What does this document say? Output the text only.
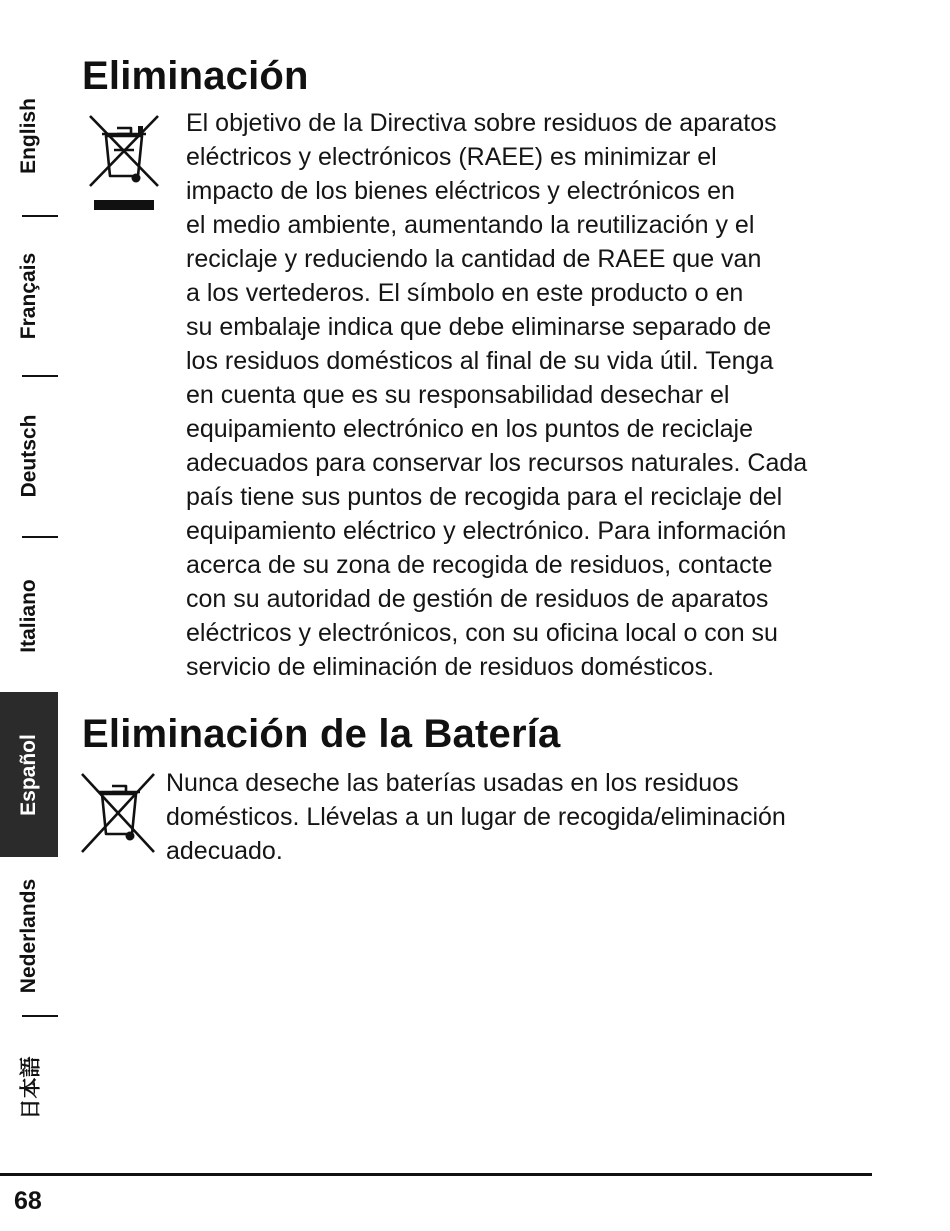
English
Français
Deutsch
Italiano
Español
Nederlands
日本語
Eliminación
El objetivo de la Directiva sobre residuos de aparatos
eléctricos y electrónicos (RAEE) es minimizar el
impacto de los bienes eléctricos y electrónicos en
el medio ambiente, aumentando la reutilización y el
reciclaje y reduciendo la cantidad de RAEE que van
a los vertederos. El símbolo en este producto o en
su embalaje indica que debe eliminarse separado de
los residuos domésticos al final de su vida útil. Tenga
en cuenta que es su responsabilidad desechar el
equipamiento electrónico en los puntos de reciclaje
adecuados para conservar los recursos naturales. Cada
país tiene sus puntos de recogida para el reciclaje del
equipamiento eléctrico y electrónico. Para información
acerca de su zona de recogida de residuos, contacte
con su autoridad de gestión de residuos de aparatos
eléctricos y electrónicos, con su oficina local o con su
servicio de eliminación de residuos domésticos.
Eliminación de la Batería
Nunca deseche las baterías usadas en los residuos
domésticos. Llévelas a un lugar de recogida/eliminación
adecuado.
68
